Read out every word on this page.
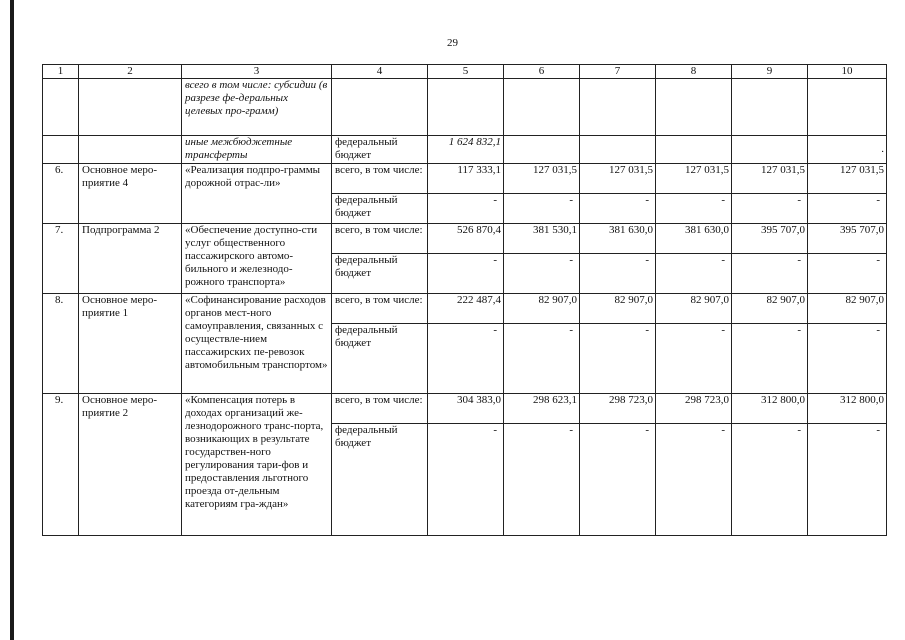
29
1	2	3	4	5	6	7	8	9	10
		всего в том числе: субсидии (в разрезе фе-деральных целевых про-грамм)							
		иные межбюджетные трансферты	федеральный бюджет	1 624 832,1					.
6.	Основное меро-приятие 4	«Реализация подпро-граммы дорожной отрас-ли»	всего, в том числе:	117 333,1	127 031,5	127 031,5	127 031,5	127 031,5	127 031,5
			федеральный бюджет	-	-	-	-	-	-
7.	Подпрограмма 2	«Обеспечение доступно-сти услуг общественного пассажирского автомо-бильного и железнодо-рожного транспорта»	всего, в том числе:	526 870,4	381 530,1	381 630,0	381 630,0	395 707,0	395 707,0
			федеральный бюджет	-	-	-	-	-	-
8.	Основное меро-приятие 1	«Софинансирование расходов органов мест-ного самоуправления, связанных с осуществле-нием пассажирских пе-ревозок автомобильным транспортом»	всего, в том числе:	222 487,4	82 907,0	82 907,0	82 907,0	82 907,0	82 907,0
			федеральный бюджет	-	-	-	-	-	-
9.	Основное меро-приятие 2	«Компенсация потерь в доходах организаций же-лезнодорожного транс-порта, возникающих в результате государствен-ного регулирования тари-фов и предоставления льготного проезда от-дельным категориям гра-ждан»	всего, в том числе:	304 383,0	298 623,1	298 723,0	298 723,0	312 800,0	312 800,0
			федеральный бюджет	-	-	-	-	-	-
